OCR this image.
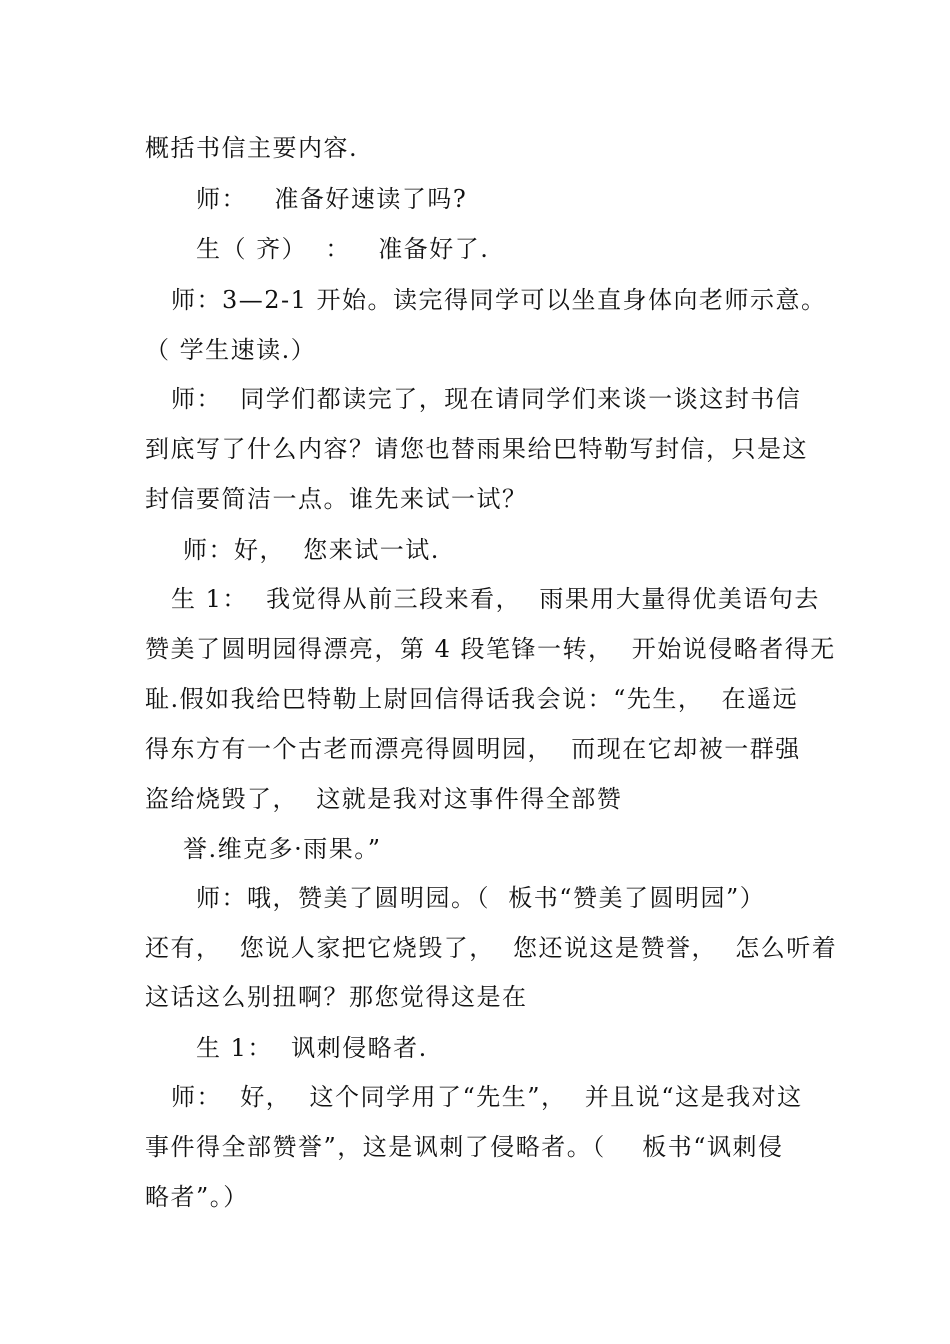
概括书信主要内容.
师：   准备好速读了吗?
生（ 齐）  ：   准备好了.
师：3—2-1 开始。读完得同学可以坐直身体向老师示意。
（ 学生速读.）
师：  同学们都读完了，现在请同学们来谈一谈这封书信
到底写了什么内容？请您也替雨果给巴特勒写封信，只是这
封信要简洁一点。谁先来试一试？
师：好，  您来试一试.
生 1：  我觉得从前三段来看，  雨果用大量得优美语句去
赞美了圆明园得漂亮，第 4 段笔锋一转，  开始说侵略者得无
耻.假如我给巴特勒上尉回信得话我会说：“先生，  在遥远
得东方有一个古老而漂亮得圆明园，  而现在它却被一群强
盗给烧毁了，  这就是我对这事件得全部赞
誉.维克多·雨果。”
师：哦，赞美了圆明园。（  板书“赞美了圆明园”）
还有，  您说人家把它烧毁了，  您还说这是赞誉，  怎么听着
这话这么别扭啊？那您觉得这是在
生 1：  讽刺侵略者.
师：  好，  这个同学用了“先生”，  并且说“这是我对这
事件得全部赞誉”，这是讽刺了侵略者。（    板书“讽刺侵
略者”。）
